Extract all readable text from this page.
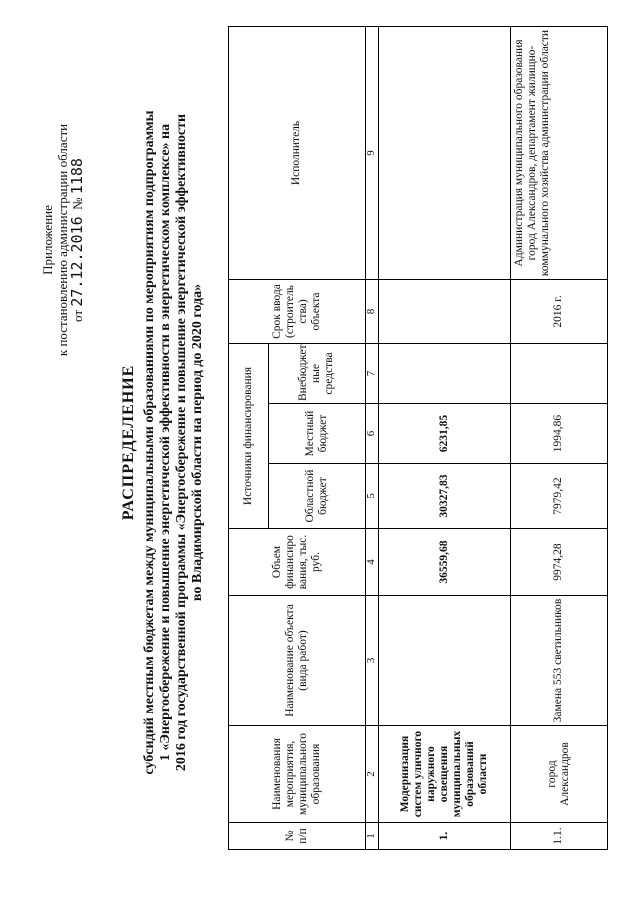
Приложение к постановлению администрации области от 27.12.2016  № 1188
РАСПРЕДЕЛЕНИЕ субсидий местным бюджетам между муниципальными образованиями по мероприятиям подпрограммы 1 «Энергосбережение и повышение энергетической эффективности в энергетическом комплексе» на 2016 год государственной программы «Энергосбережение и повышение энергетической эффективности во Владимирской области на период до 2020 года»
№ п/п	Наименования мероприятия, муниципального образования	Наименование объекта (вида работ)	Объем финансиро вания, тыс. руб.	Источники финансирования			Срок ввода (строитель ства) объекта	Исполнитель
				Областной бюджет	Местный бюджет	Внебюджет ные средства		
1	2	3	4	5	6	7	8	9
1.	Модернизация систем уличного наружного освещения муниципальных образований области		36559,68	30327,83	6231,85			
1.1.	город Александров	Замена 553 светильников	9974,28	7979,42	1994,86		2016 г.	Администрация муниципального образования город Александров, департамент жилищно-коммунального хозяйства администрации области
